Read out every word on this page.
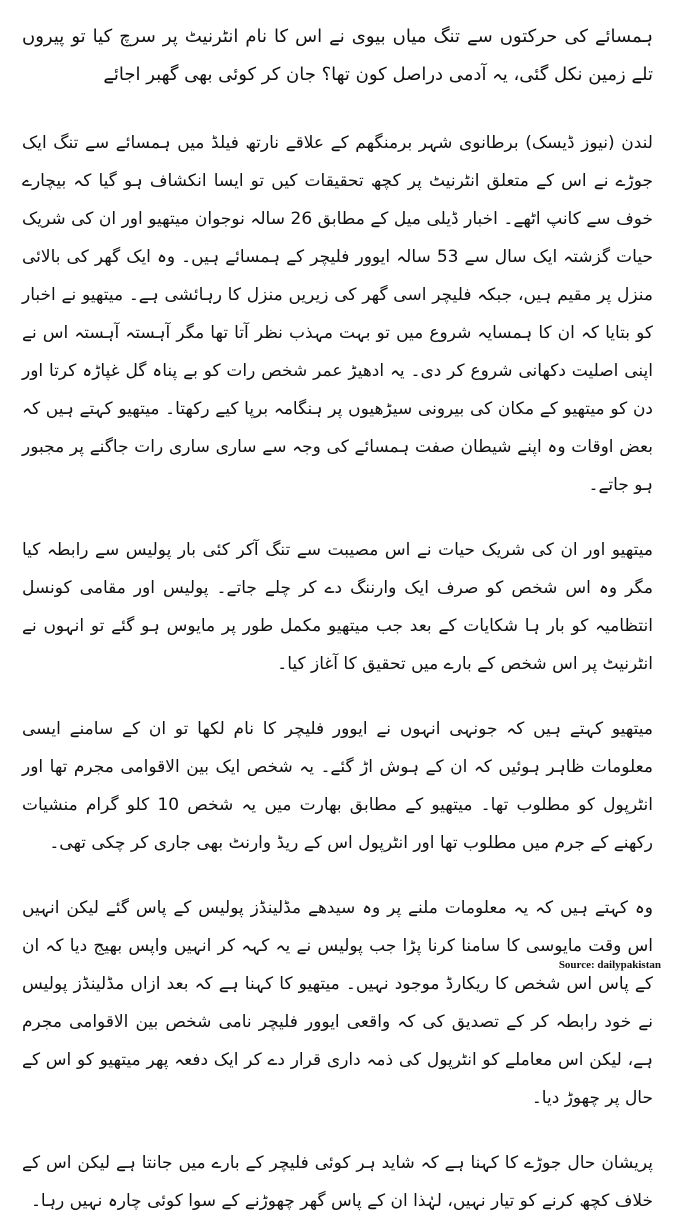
ہمسائے کی حرکتوں سے تنگ میاں بیوی نے اس کا نام انٹرنیٹ پر سرچ کیا تو پیروں تلے زمین نکل گئی، یہ آدمی دراصل کون تھا؟ جان کر کوئی بھی گھبر اجائے

لندن (نیوز ڈیسک) برطانوی شہر برمنگھم کے علاقے نارتھ فیلڈ میں ہمسائے سے تنگ ایک جوڑے نے اس کے متعلق انٹرنیٹ پر کچھ تحقیقات کیں تو ایسا انکشاف ہو گیا کہ بیچارے خوف سے کانپ اٹھے۔ اخبار ڈیلی میل کے مطابق 26 سالہ نوجوان میتھیو اور ان کی شریک حیات گزشتہ ایک سال سے 53 سالہ ایوور فلیچر کے ہمسائے ہیں۔ وہ ایک گھر کی بالائی منزل پر مقیم ہیں، جبکہ فلیچر اسی گھر کی زیریں منزل کا رہائشی ہے۔ میتھیو نے اخبار کو بتایا کہ ان کا ہمسایہ شروع میں تو بہت مہذب نظر آتا تھا مگر آہستہ آہستہ اس نے اپنی اصلیت دکھانی شروع کر دی۔ یہ ادھیڑ عمر شخص رات کو بے پناہ گل غپاڑہ کرتا اور دن کو میتھیو کے مکان کی بیرونی سیڑھیوں پر ہنگامہ برپا کیے رکھتا۔ میتھیو کہتے ہیں کہ بعض اوقات وہ اپنے شیطان صفت ہمسائے کی وجہ سے ساری ساری رات جاگنے پر مجبور ہو جاتے۔

میتھیو اور ان کی شریک حیات نے اس مصیبت سے تنگ آکر کئی بار پولیس سے رابطہ کیا مگر وہ اس شخص کو صرف ایک وارننگ دے کر چلے جاتے۔ پولیس اور مقامی کونسل انتظامیہ کو بار ہا شکایات کے بعد جب میتھیو مکمل طور پر مایوس ہو گئے تو انہوں نے انٹرنیٹ پر اس شخص کے بارے میں تحقیق کا آغاز کیا۔

میتھیو کہتے ہیں کہ جونہی انہوں نے ایوور فلیچر کا نام لکھا تو ان کے سامنے ایسی معلومات ظاہر ہوئیں کہ ان کے ہوش اڑ گئے۔ یہ شخص ایک بین الاقوامی مجرم تھا اور انٹرپول کو مطلوب تھا۔ میتھیو کے مطابق بھارت میں یہ شخص 10 کلو گرام منشیات رکھنے کے جرم میں مطلوب تھا اور انٹرپول اس کے ریڈ وارنٹ بھی جاری کر چکی تھی۔

وہ کہتے ہیں کہ یہ معلومات ملنے پر وہ سیدھے مڈلینڈز پولیس کے پاس گئے لیکن انہیں اس وقت مایوسی کا سامنا کرنا پڑا جب پولیس نے یہ کہہ کر انہیں واپس بھیج دیا کہ ان کے پاس اس شخص کا ریکارڈ موجود نہیں۔ میتھیو کا کہنا ہے کہ بعد ازاں مڈلینڈز پولیس نے خود رابطہ کر کے تصدیق کی کہ واقعی ایوور فلیچر نامی شخص بین الاقوامی مجرم ہے، لیکن اس معاملے کو انٹرپول کی ذمہ داری قرار دے کر ایک دفعہ پھر میتھیو کو اس کے حال پر چھوڑ دیا۔

پریشان حال جوڑے کا کہنا ہے کہ شاید ہر کوئی فلیچر کے بارے میں جانتا ہے لیکن اس کے خلاف کچھ کرنے کو تیار نہیں، لہٰذا ان کے پاس گھر چھوڑنے کے سوا کوئی چارہ نہیں رہا۔

Source: dailypakistan
